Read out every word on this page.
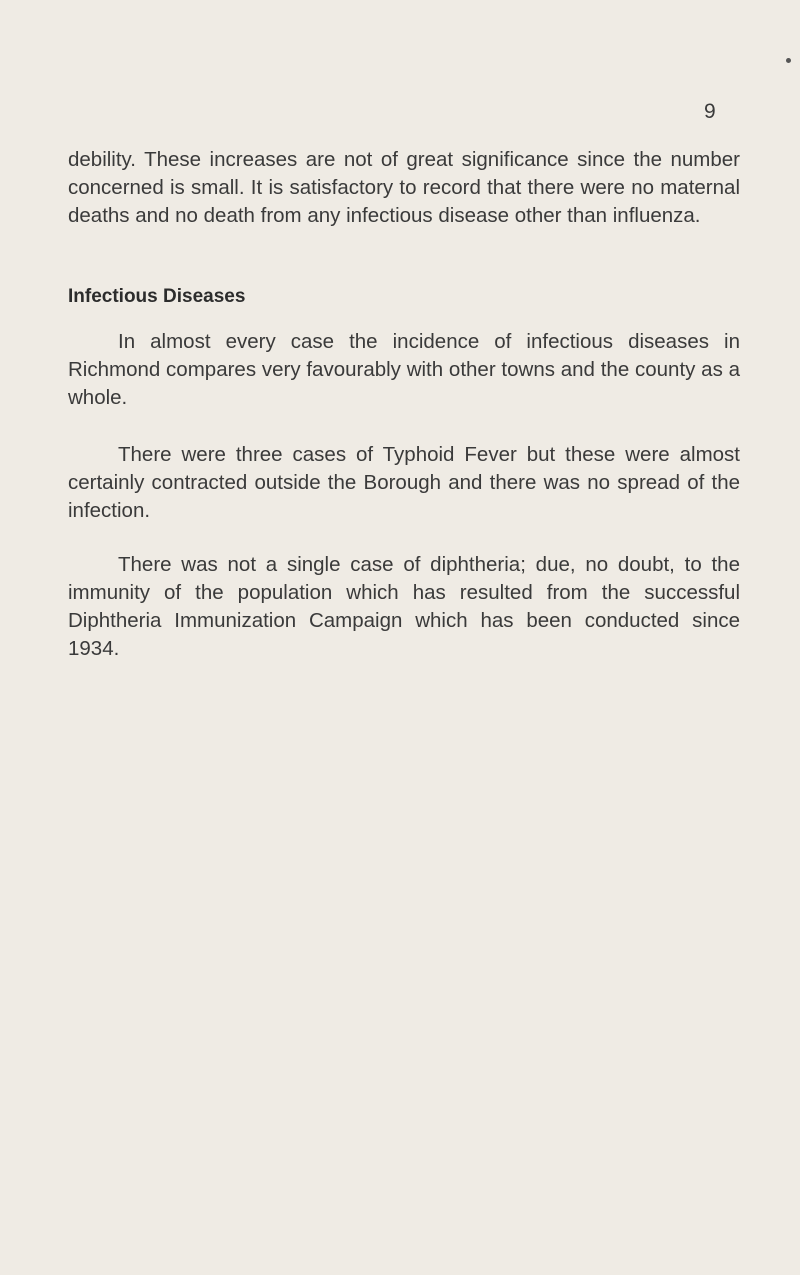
9
debility. These increases are not of great significance since the number concerned is small. It is satisfactory to record that there were no maternal deaths and no death from any infectious disease other than influenza.
Infectious Diseases
In almost every case the incidence of infectious diseases in Richmond compares very favourably with other towns and the county as a whole.
There were three cases of Typhoid Fever but these were almost certainly contracted outside the Borough and there was no spread of the infection.
There was not a single case of diphtheria; due, no doubt, to the immunity of the population which has resulted from the successful Diphtheria Immunization Campaign which has been conducted since 1934.
